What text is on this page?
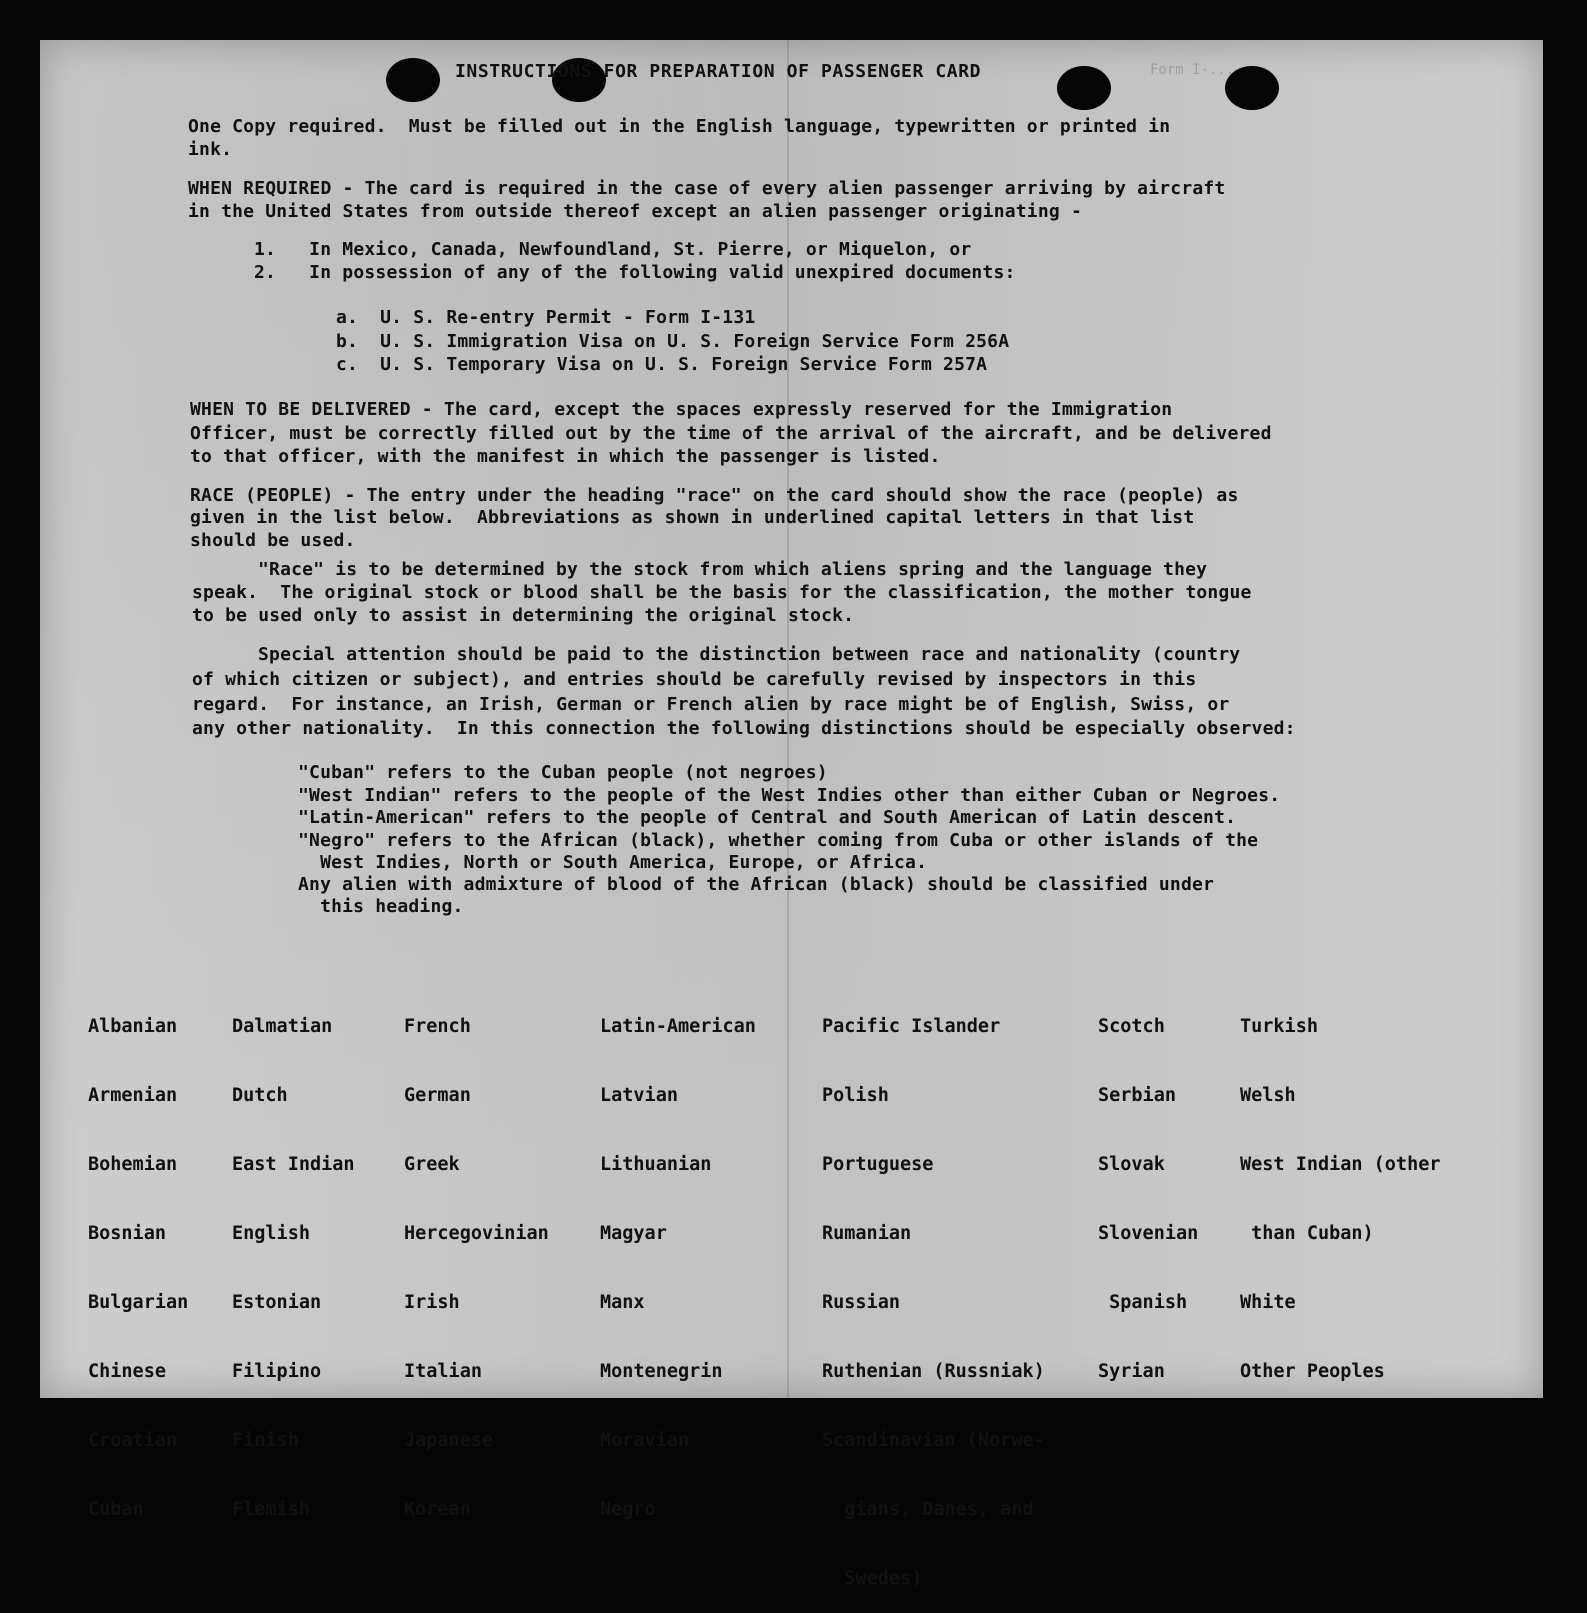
Form I-...
INSTRUCTIONS FOR PREPARATION OF PASSENGER CARD
One Copy required.  Must be filled out in the English language, typewritten or printed in
ink.
WHEN REQUIRED - The card is required in the case of every alien passenger arriving by aircraft
in the United States from outside thereof except an alien passenger originating -
1.   In Mexico, Canada, Newfoundland, St. Pierre, or Miquelon, or
2.   In possession of any of the following valid unexpired documents:
a.  U. S. Re-entry Permit - Form I-131
b.  U. S. Immigration Visa on U. S. Foreign Service Form 256A
c.  U. S. Temporary Visa on U. S. Foreign Service Form 257A
WHEN TO BE DELIVERED - The card, except the spaces expressly reserved for the Immigration
Officer, must be correctly filled out by the time of the arrival of the aircraft, and be delivered
to that officer, with the manifest in which the passenger is listed.
RACE (PEOPLE) - The entry under the heading "race" on the card should show the race (people) as
given in the list below.  Abbreviations as shown in underlined capital letters in that list
should be used.
"Race" is to be determined by the stock from which aliens spring and the language they
speak.  The original stock or blood shall be the basis for the classification, the mother tongue
to be used only to assist in determining the original stock.
Special attention should be paid to the distinction between race and nationality (country
of which citizen or subject), and entries should be carefully revised by inspectors in this
regard.  For instance, an Irish, German or French alien by race might be of English, Swiss, or
any other nationality.  In this connection the following distinctions should be especially observed:
"Cuban" refers to the Cuban people (not negroes)
"West Indian" refers to the people of the West Indies other than either Cuban or Negroes.
"Latin-American" refers to the people of Central and South American of Latin descent.
"Negro" refers to the African (black), whether coming from Cuba or other islands of the
West Indies, North or South America, Europe, or Africa.
Any alien with admixture of blood of the African (black) should be classified under
this heading.

Albanian

Armenian

Bohemian

Bosnian

Bulgarian

Chinese

Croatian

Cuban

Dalmatian

Dutch

East Indian

English

Estonian

Filipino

Finish

Flemish

French

German

Greek

Hercegovinian

Irish

Italian

Japanese

Korean

Latin-American

Latvian

Lithuanian

Magyar

Manx

Montenegrin

Moravian

Negro

Pacific Islander

Polish

Portuguese

Rumanian

Russian

Ruthenian (Russniak)

Scandinavian (Norwe-

gians, Danes, and

Swedes)

Scotch

Serbian

Slovak

Slovenian

Spanish

Syrian

Turkish

Welsh

West Indian (other

than Cuban)

White

Other Peoples
